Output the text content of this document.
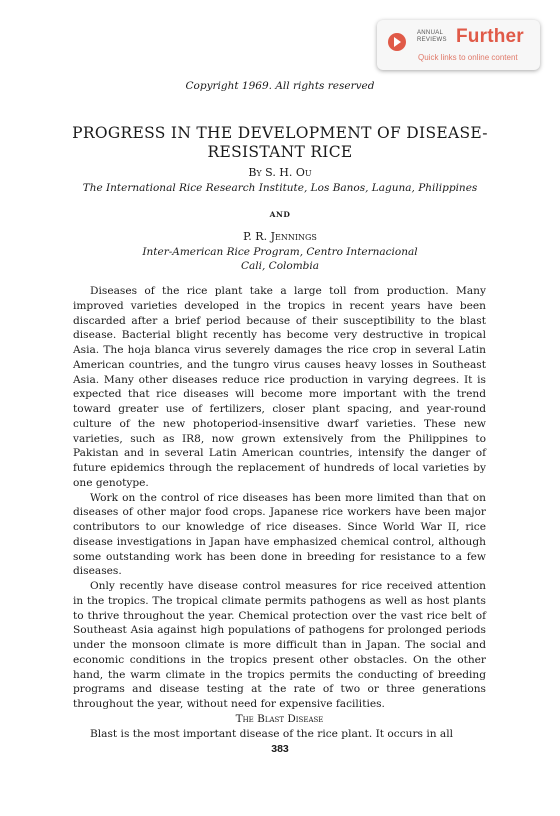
ANNUAL
REVIEWS Further
Quick links to online content
Copyright 1969. All rights reserved
PROGRESS IN THE DEVELOPMENT OF DISEASE-RESISTANT RICE
By S. H. Ou
The International Rice Research Institute, Los Banos, Laguna, Philippines
AND
P. R. Jennings
Inter-American Rice Program, Centro Internacional
Cali, Colombia

Diseases of the rice plant take a large toll from production. Many improved varieties developed in the tropics in recent years have been discarded after a brief period because of their susceptibility to the blast disease. Bacterial blight recently has become very destructive in tropical Asia. The hoja blanca virus severely damages the rice crop in several Latin American countries, and the tungro virus causes heavy losses in Southeast Asia. Many other diseases reduce rice production in varying degrees. It is expected that rice diseases will become more important with the trend toward greater use of fertilizers, closer plant spacing, and year-round culture of the new photoperiod-insensitive dwarf varieties. These new varieties, such as IR8, now grown extensively from the Philippines to Pakistan and in several Latin American countries, intensify the danger of future epidemics through the replacement of hundreds of local varieties by one genotype.

Work on the control of rice diseases has been more limited than that on diseases of other major food crops. Japanese rice workers have been major contributors to our knowledge of rice diseases. Since World War II, rice disease investigations in Japan have emphasized chemical control, although some outstanding work has been done in breeding for resistance to a few diseases.

Only recently have disease control measures for rice received attention in the tropics. The tropical climate permits pathogens as well as host plants to thrive throughout the year. Chemical protection over the vast rice belt of Southeast Asia against high populations of pathogens for prolonged periods under the monsoon climate is more difficult than in Japan. The social and economic conditions in the tropics present other obstacles. On the other hand, the warm climate in the tropics permits the conducting of breeding programs and disease testing at the rate of two or three generations throughout the year, without need for expensive facilities.

The Blast Disease

Blast is the most important disease of the rice plant. It occurs in all

383
